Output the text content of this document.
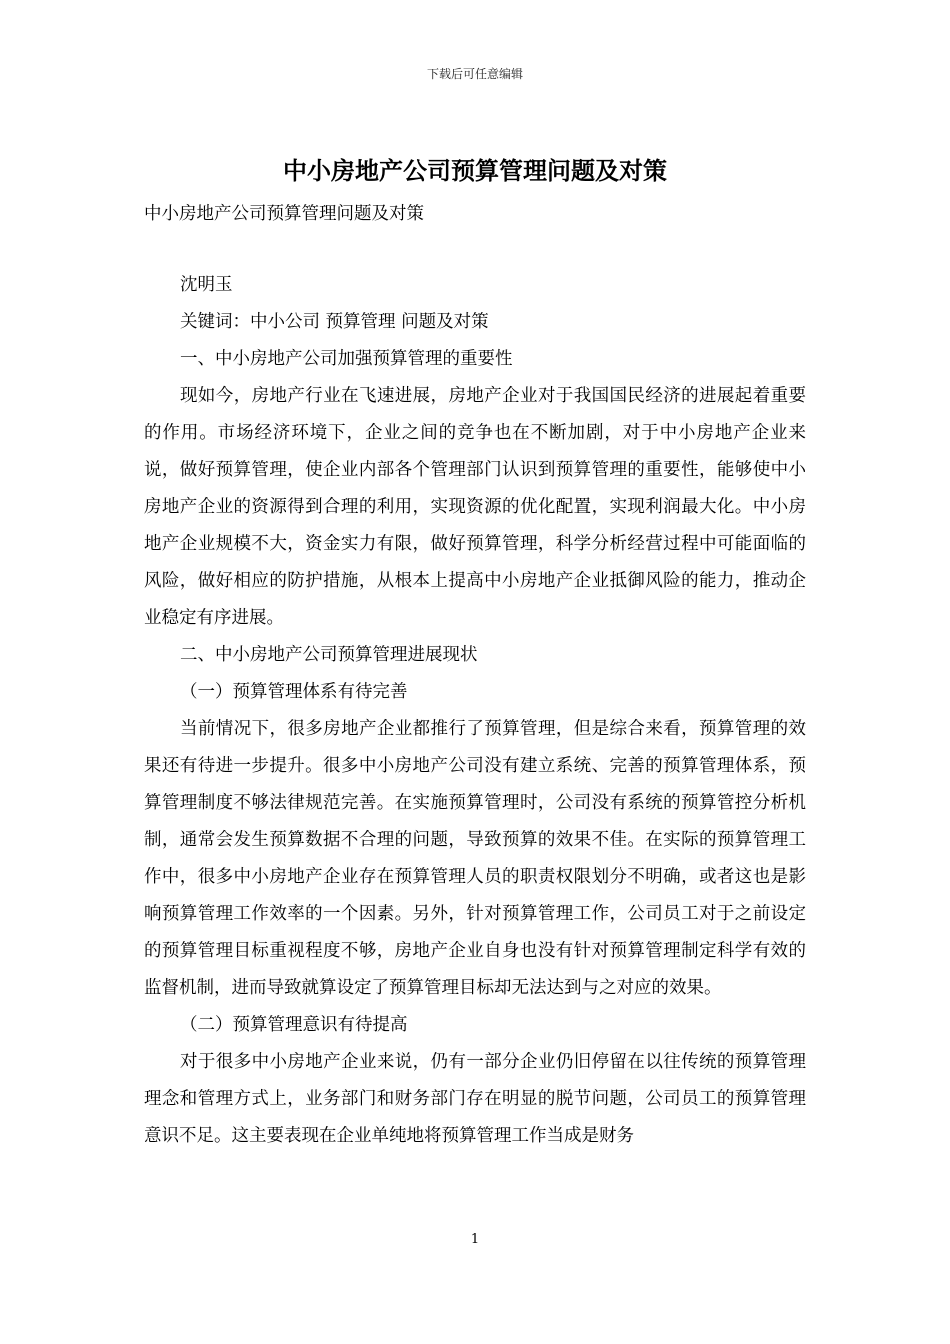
下载后可任意编辑
中小房地产公司预算管理问题及对策

中小房地产公司预算管理问题及对策

沈明玉

关键词：中小公司 预算管理 问题及对策

一、中小房地产公司加强预算管理的重要性

现如今，房地产行业在飞速进展，房地产企业对于我国国民经济的进展起着重要的作用。市场经济环境下，企业之间的竞争也在不断加剧，对于中小房地产企业来说，做好预算管理，使企业内部各个管理部门认识到预算管理的重要性，能够使中小房地产企业的资源得到合理的利用，实现资源的优化配置，实现利润最大化。中小房地产企业规模不大，资金实力有限，做好预算管理，科学分析经营过程中可能面临的风险，做好相应的防护措施，从根本上提高中小房地产企业抵御风险的能力，推动企业稳定有序进展。

二、中小房地产公司预算管理进展现状

（一）预算管理体系有待完善

当前情况下，很多房地产企业都推行了预算管理，但是综合来看，预算管理的效果还有待进一步提升。很多中小房地产公司没有建立系统、完善的预算管理体系，预算管理制度不够法律规范完善。在实施预算管理时，公司没有系统的预算管控分析机制，通常会发生预算数据不合理的问题，导致预算的效果不佳。在实际的预算管理工作中，很多中小房地产企业存在预算管理人员的职责权限划分不明确，或者这也是影响预算管理工作效率的一个因素。另外，针对预算管理工作，公司员工对于之前设定的预算管理目标重视程度不够，房地产企业自身也没有针对预算管理制定科学有效的监督机制，进而导致就算设定了预算管理目标却无法达到与之对应的效果。

（二）预算管理意识有待提高

对于很多中小房地产企业来说，仍有一部分企业仍旧停留在以往传统的预算管理理念和管理方式上，业务部门和财务部门存在明显的脱节问题，公司员工的预算管理意识不足。这主要表现在企业单纯地将预算管理工作当成是财务

1
